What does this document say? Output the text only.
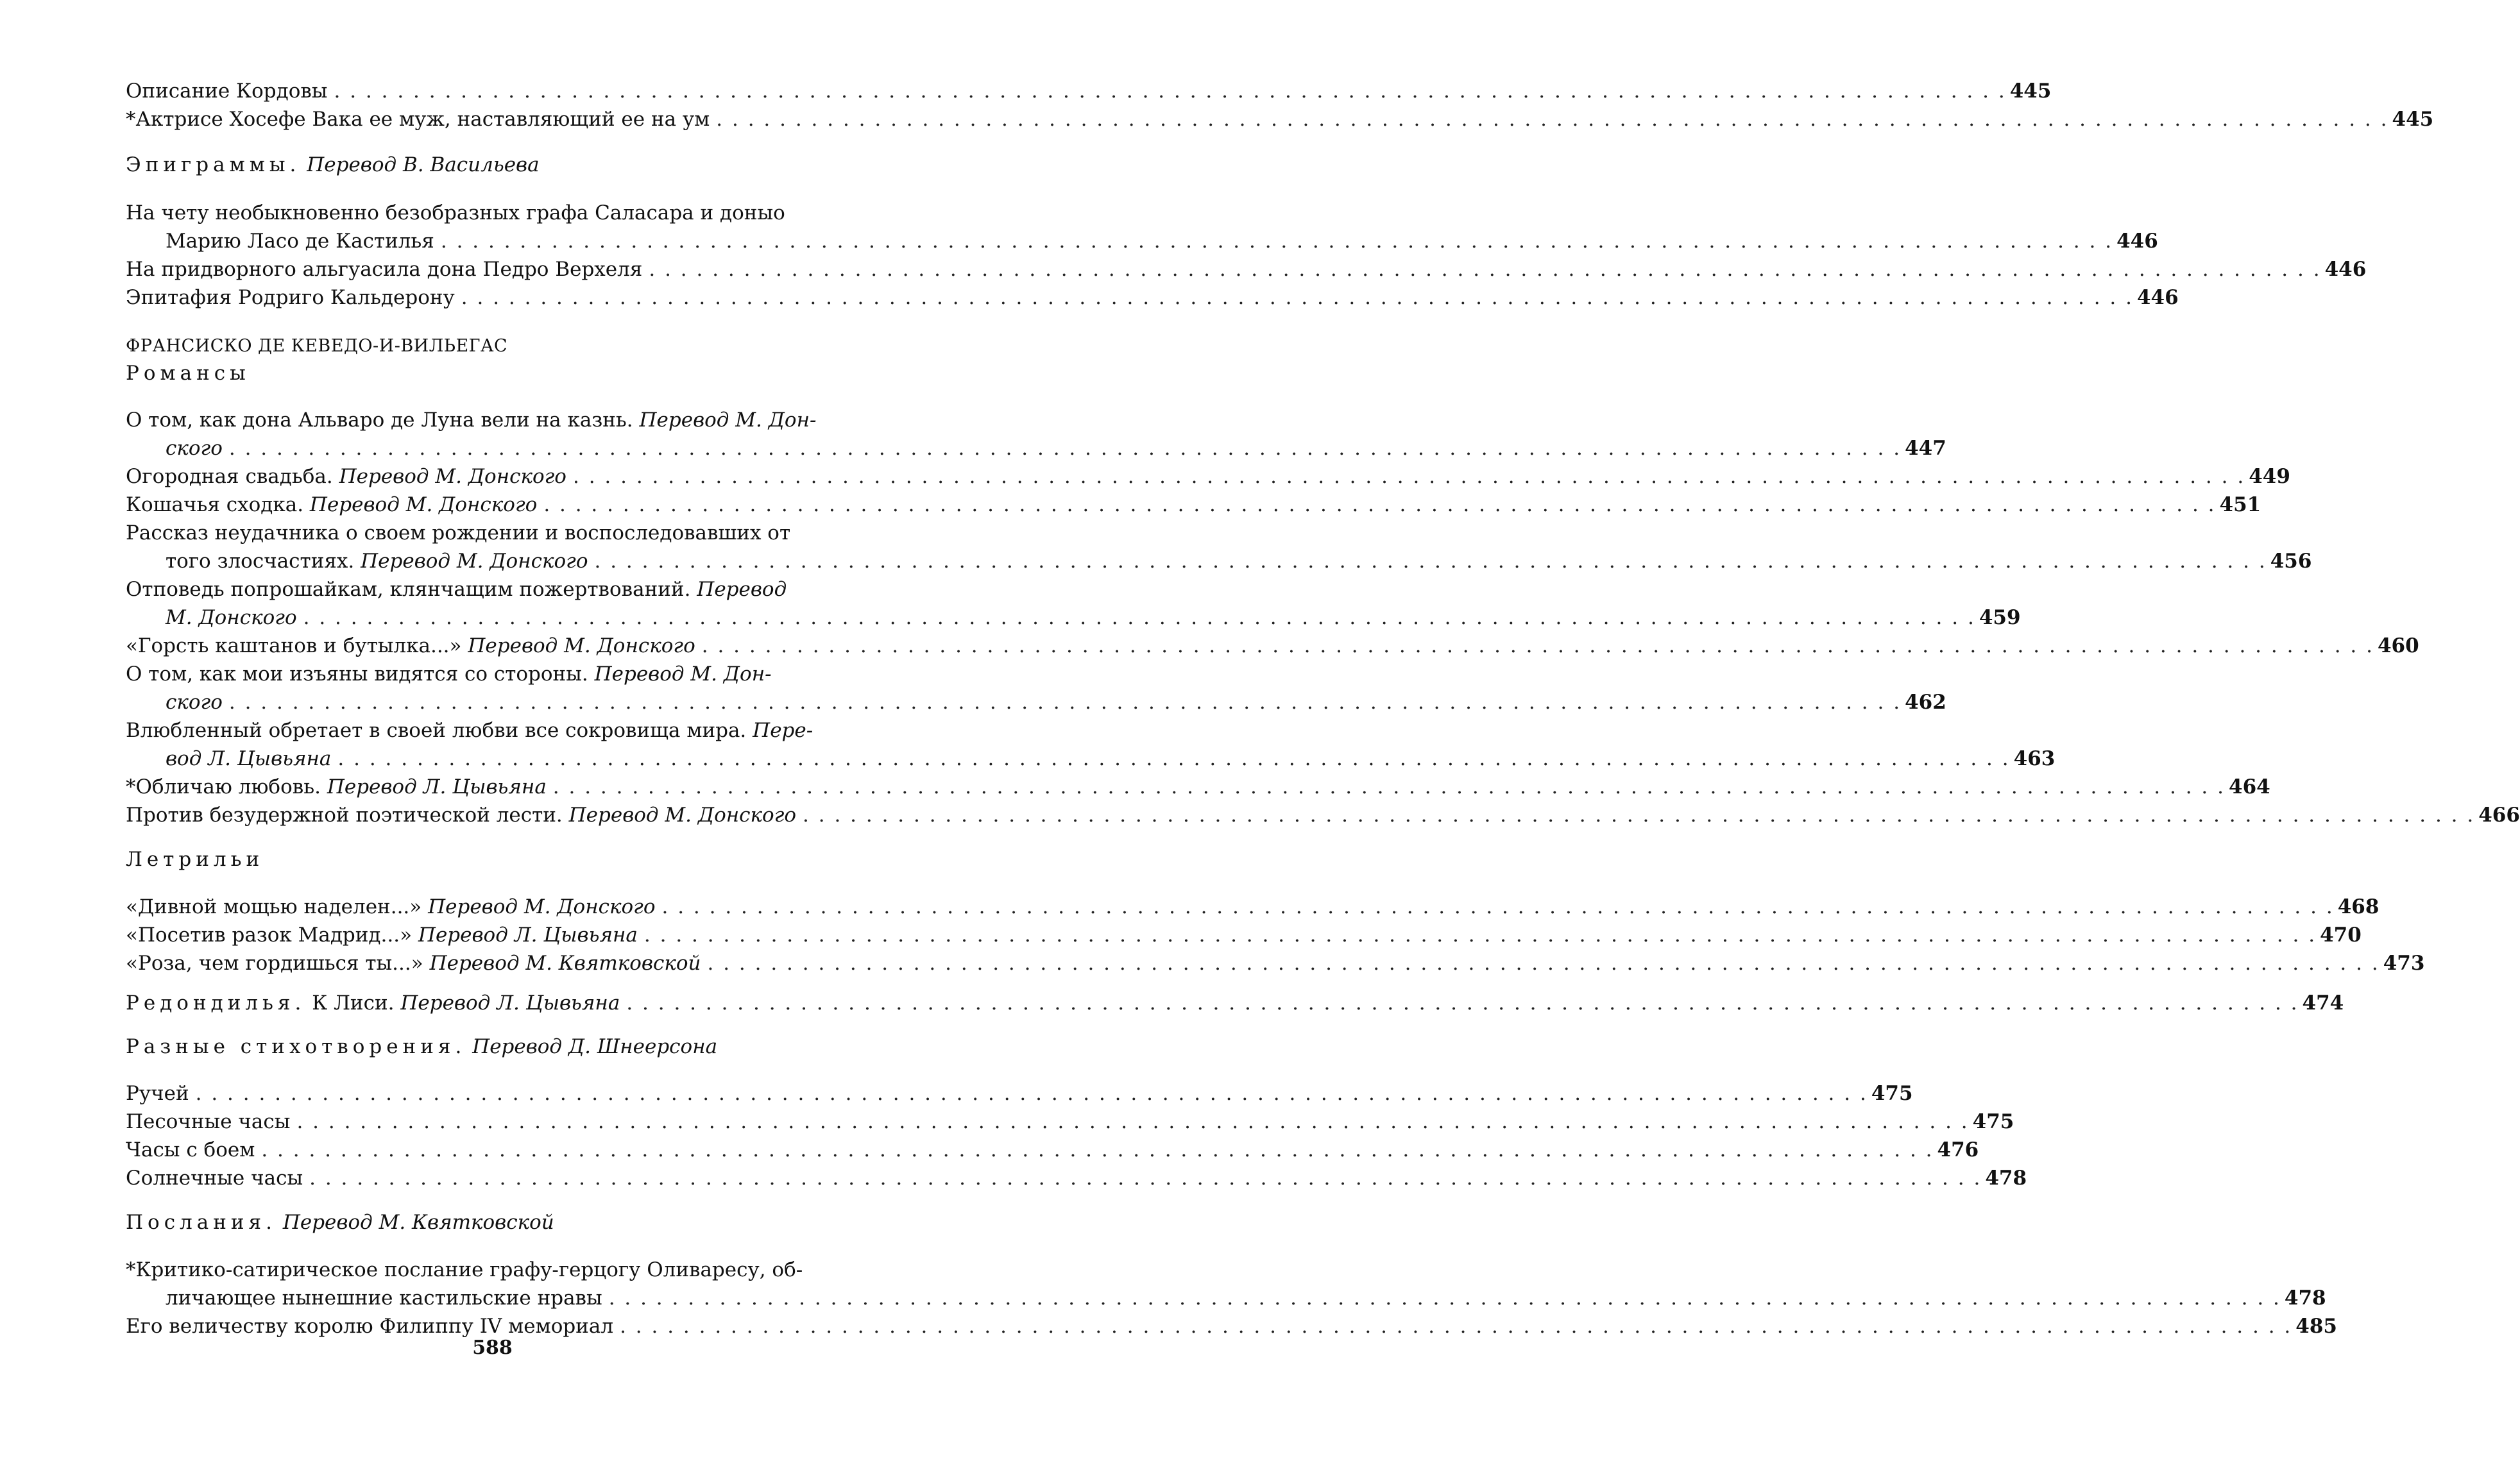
Описание Кордовы . . .	445
*Актрисе Хосефе Вака ее муж, наставляющий ее на ум . . .	445
Эпиграммы. Перевод В. Васильева
На чету необыкновенно безобразных графа Саласара и доныо
Марию Ласо де Кастилья . . .	446
На придворного альгуасила дона Педро Верхеля . . .	446
Эпитафия Родриго Кальдерону . . .	446
ФРАНСИСКО ДЕ КЕВЕДО-И-ВИЛЬЕГАС
Романсы
О том, как дона Альваро де Луна вели на казнь. Перевод М. Дон-
ского . . .	447
Огородная свадьба. Перевод М. Донского . . .	449
Кошачья сходка. Перевод М. Донского . . .	451
Рассказ неудачника о своем рождении и воспоследовавших от
того злосчастиях. Перевод М. Донского . . .	456
Отповедь попрошайкам, клянчащим пожертвований. Перевод
М. Донского . . .	459
«Горсть каштанов и бутылка...» Перевод М. Донского . . .	460
О том, как мои изъяны видятся со стороны. Перевод М. Дон-
ского . . .	462
Влюбленный обретает в своей любви все сокровища мира. Пере-
вод Л. Цывьяна . . .	463
*Обличаю любовь. Перевод Л. Цывьяна . . .	464
Против безудержной поэтической лести. Перевод М. Донского . . .	466
Летрильи
«Дивной мощью наделен...» Перевод М. Донского . . .	468
«Посетив разок Мадрид...» Перевод Л. Цывьяна . . .	470
«Роза, чем гордишься ты...» Перевод М. Квятковской . . .	473
Редондилья. К Лиси. Перевод Л. Цывьяна . . .	474
Разные стихотворения. Перевод Д. Шнеерсона
Ручей . . .	475
Песочные часы . . .	475
Часы с боем . . .	476
Солнечные часы . . .	478
Послания. Перевод М. Квятковской
*Критико-сатирическое послание графу-герцогу Оливаресу, об-
личающее нынешние кастильские нравы . . .	478
Его величеству королю Филиппу IV мемориал . . .	485
588
